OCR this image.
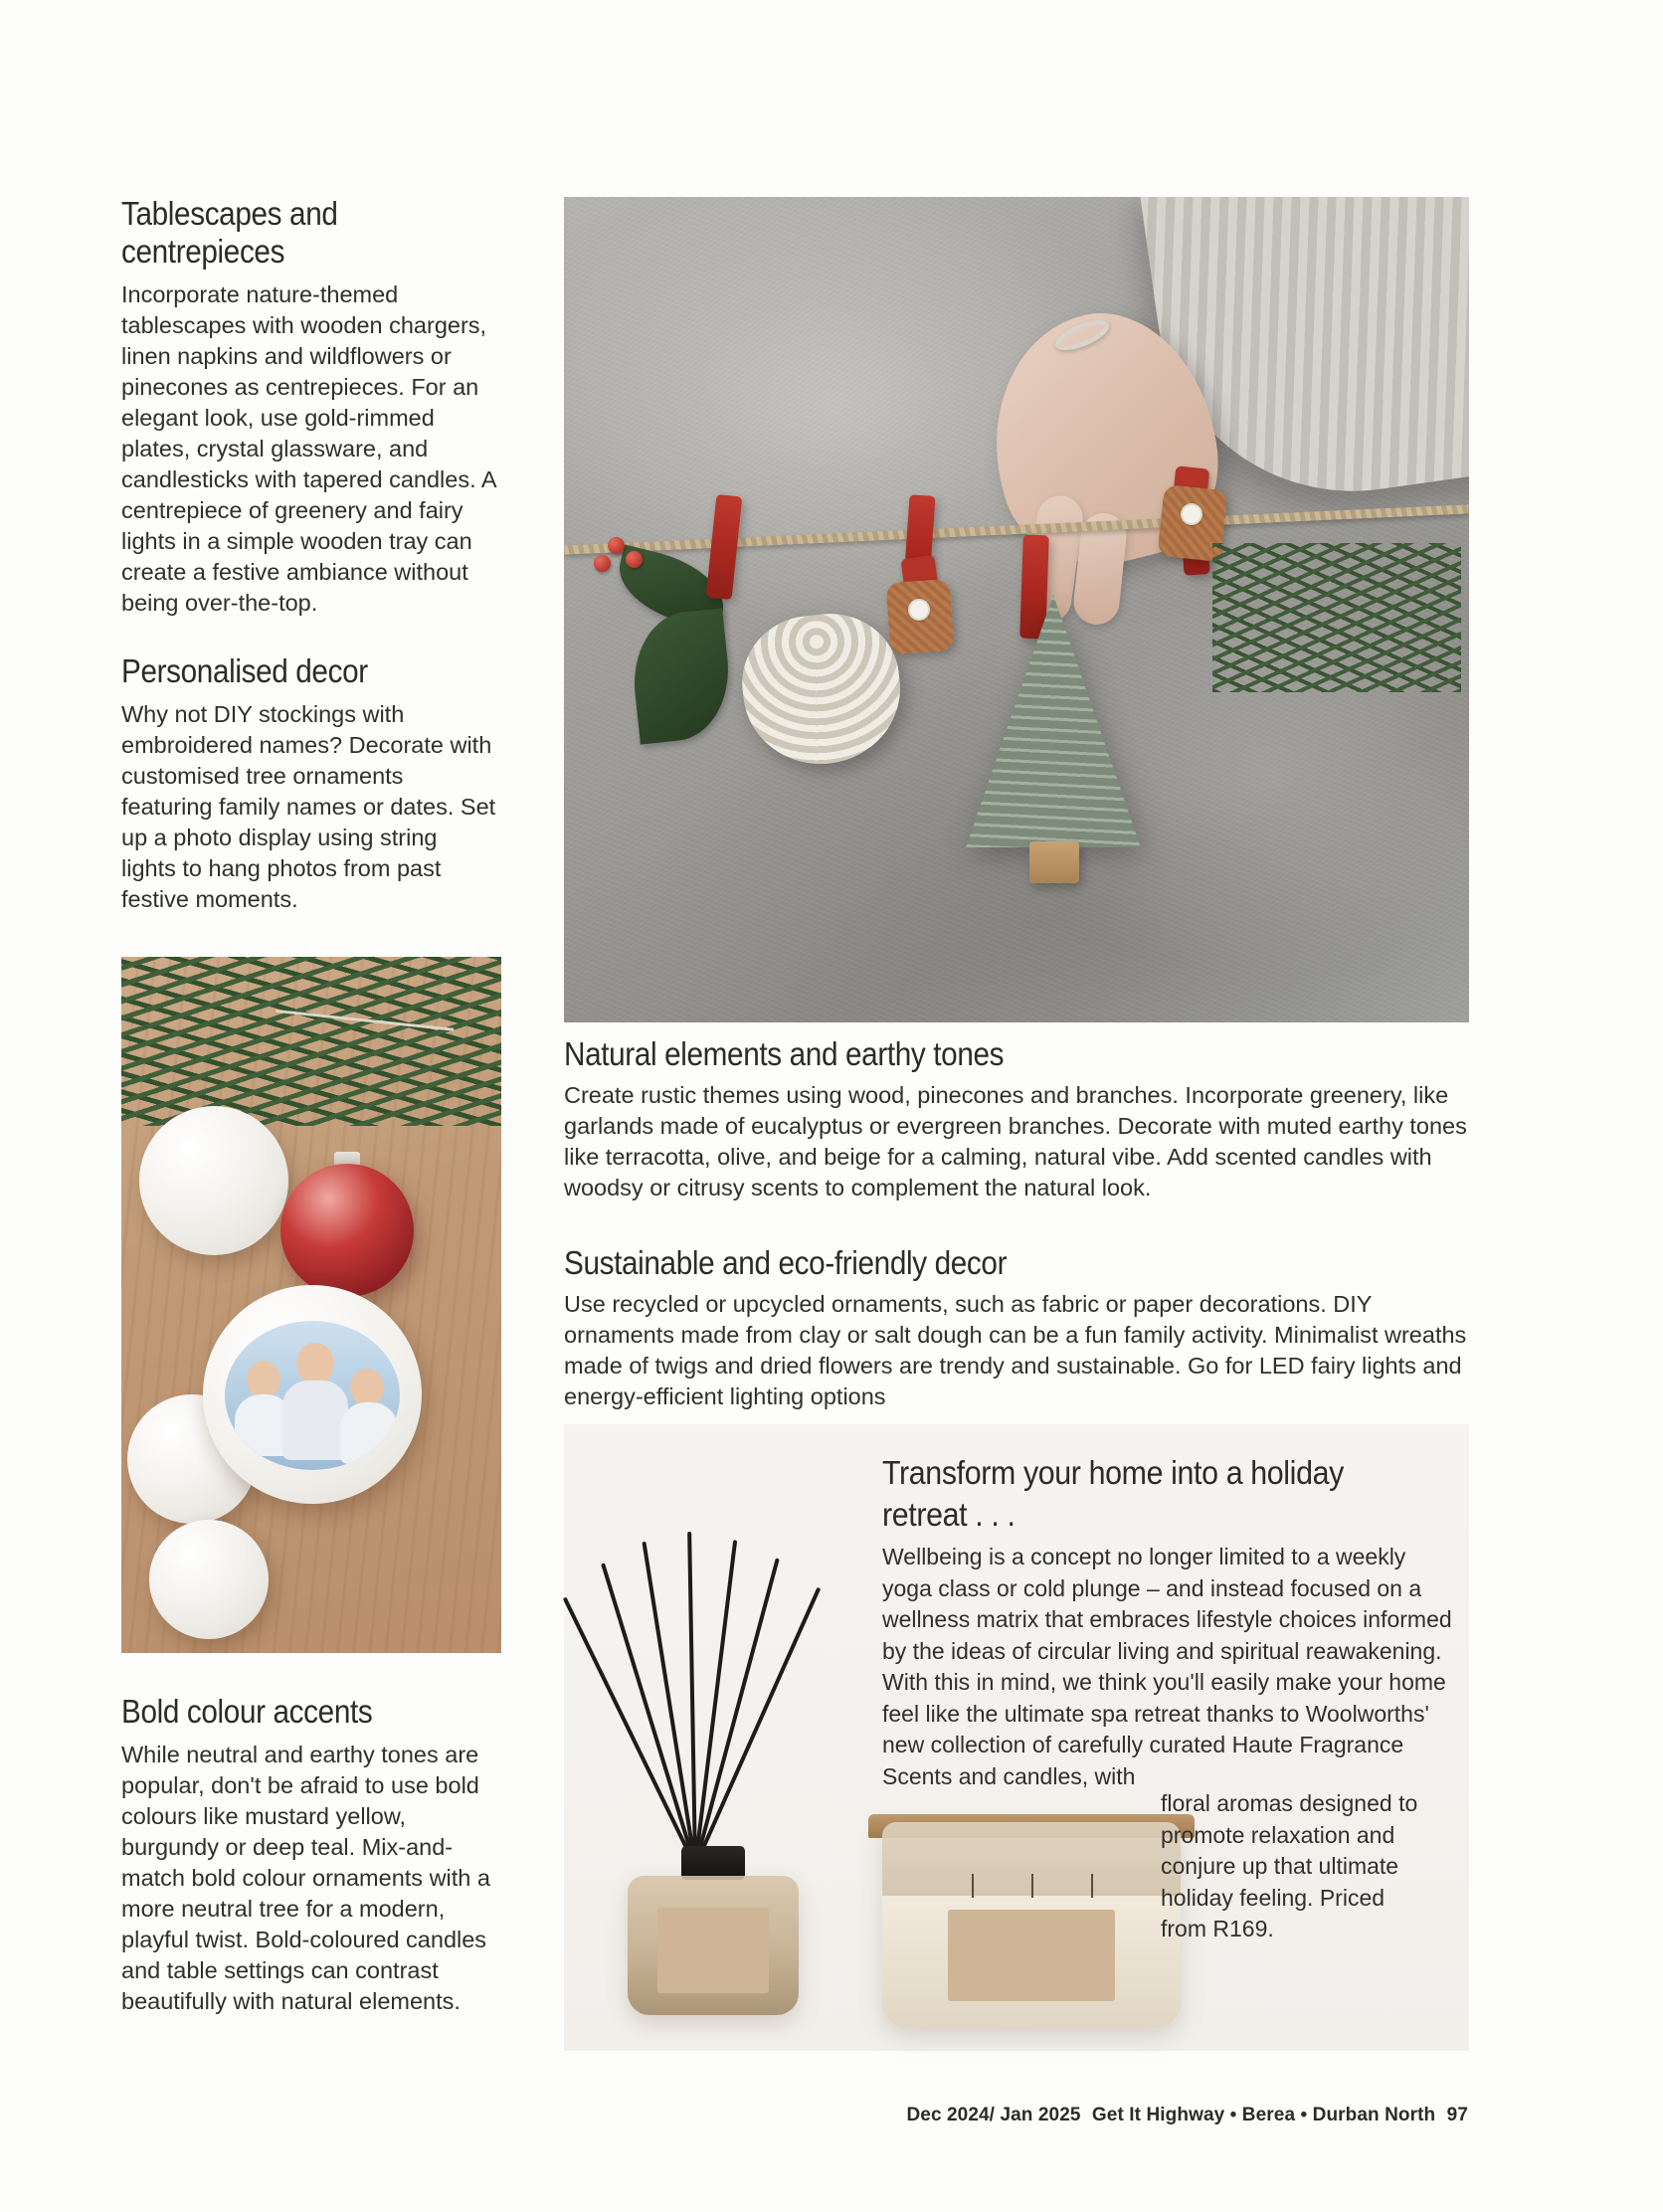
Tablescapes and centrepieces

Incorporate nature-themed tablescapes with wooden chargers, linen napkins and wildflowers or pinecones as centrepieces. For an elegant look, use gold-rimmed plates, crystal glassware, and candlesticks with tapered candles. A centrepiece of greenery and fairy lights in a simple wooden tray can create a festive ambiance without being over-the-top.

Personalised decor

Why not DIY stockings with embroidered names? Decorate with customised tree ornaments featuring family names or dates. Set up a photo display using string lights to hang photos from past festive moments.

Bold colour accents

While neutral and earthy tones are popular, don't be afraid to use bold colours like mustard yellow, burgundy or deep teal. Mix-and-match bold colour ornaments with a more neutral tree for a modern, playful twist. Bold-coloured candles and table settings can contrast beautifully with natural elements.

Natural elements and earthy tones

Create rustic themes using wood, pinecones and branches. Incorporate greenery, like garlands made of eucalyptus or evergreen branches. Decorate with muted earthy tones like terracotta, olive, and beige for a calming, natural vibe. Add scented candles with woodsy or citrusy scents to complement the natural look.

Sustainable and eco-friendly decor

Use recycled or upcycled ornaments, such as fabric or paper decorations. DIY ornaments made from clay or salt dough can be a fun family activity. Minimalist wreaths made of twigs and dried flowers are trendy and sustainable. Go for LED fairy lights and energy-efficient lighting options

Transform your home into a holiday retreat . . .

Wellbeing is a concept no longer limited to a weekly yoga class or cold plunge – and instead focused on a wellness matrix that embraces lifestyle choices informed by the ideas of circular living and spiritual reawakening. With this in mind, we think you'll easily make your home feel like the ultimate spa retreat thanks to Woolworths' new collection of carefully curated Haute Fragrance Scents and candles, with

floral aromas designed to promote relaxation and conjure up that ultimate holiday feeling. Priced from R169.

Dec 2024/ Jan 2025 Get It Highway • Berea • Durban North 97
